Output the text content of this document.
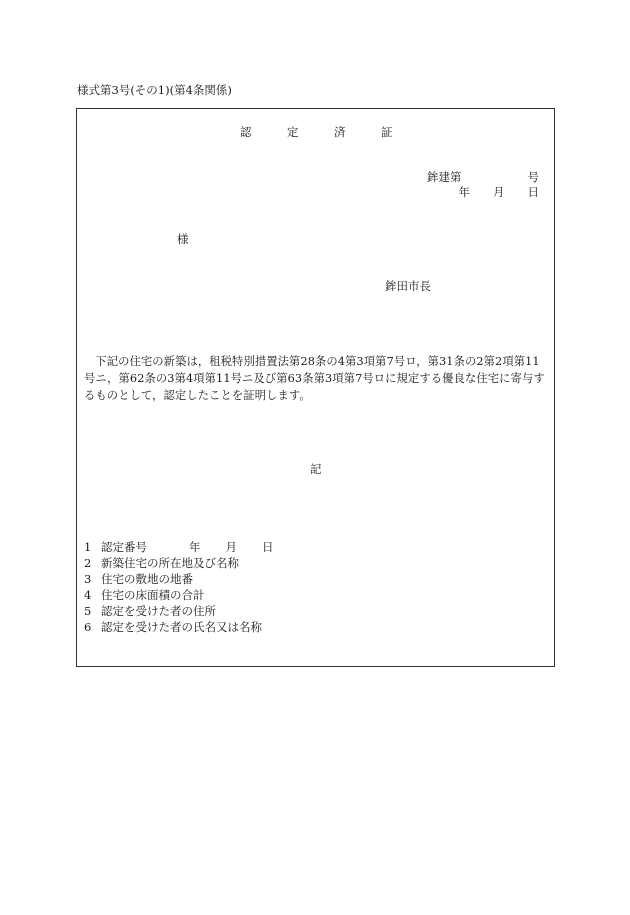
様式第3号(その1)(第4条関係)
認	定	済	証
鉾建第	号
年 月 日
様
鉾田市長
下記の住宅の新築は，租税特別措置法第28条の4第3項第7号ロ，第31条の2第2項第11号ニ，第62条の3第4項第11号ニ及び第63条第3項第7号ロに規定する優良な住宅に寄与するものとして，認定したことを証明します。
記
1 認定番号	年 月 日
2 新築住宅の所在地及び名称
3 住宅の敷地の地番
4 住宅の床面積の合計
5 認定を受けた者の住所
6 認定を受けた者の氏名又は名称
